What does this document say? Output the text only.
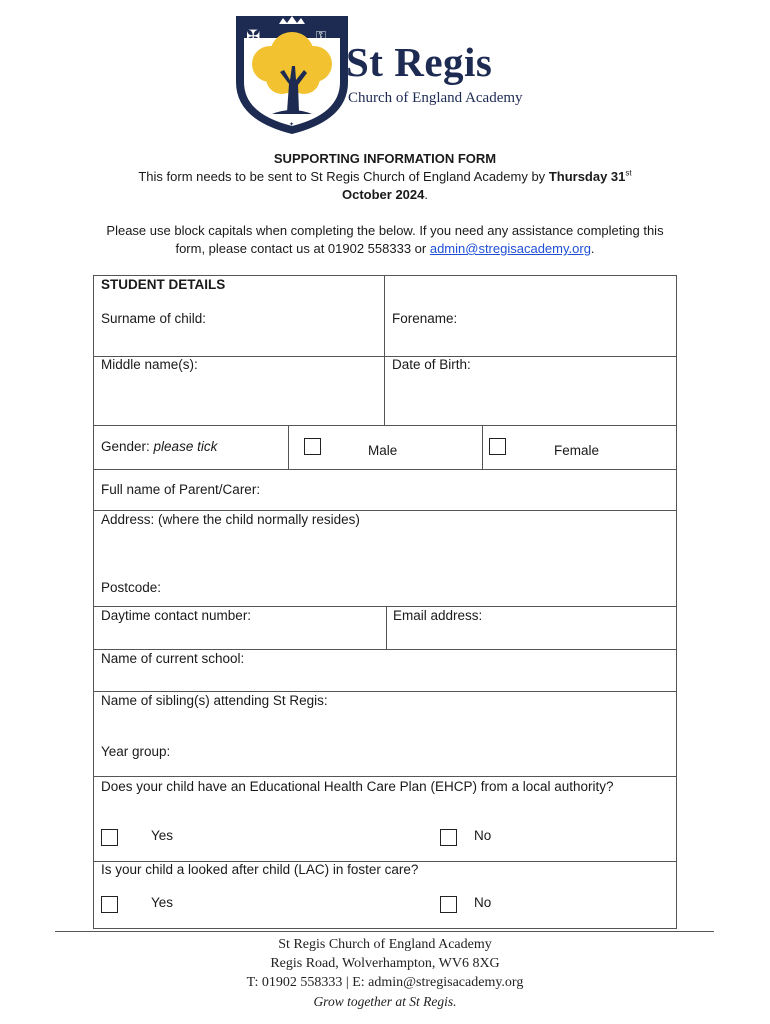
✠	⚿
✦
St Regis
Church of England Academy
SUPPORTING INFORMATION FORM
This form needs to be sent to St Regis Church of England Academy by Thursday 31st
October 2024.
Please use block capitals when completing the below. If you need any assistance completing this form, please contact us at 01902 558333 or admin@stregisacademy.org.
STUDENT DETAILS
Surname of child:	Forename:
Middle name(s):	Date of Birth:
Gender: please tick	Male	Female
Full name of Parent/Carer:
Address: (where the child normally resides)
Postcode:
Daytime contact number:	Email address:
Name of current school:
Name of sibling(s) attending St Regis:
Year group:
Does your child have an Educational Health Care Plan (EHCP) from a local authority?
Yes	No
Is your child a looked after child (LAC) in foster care?
Yes	No
St Regis Church of England Academy
Regis Road, Wolverhampton, WV6 8XG
T: 01902 558333 | E: admin@stregisacademy.org
Grow together at St Regis.
